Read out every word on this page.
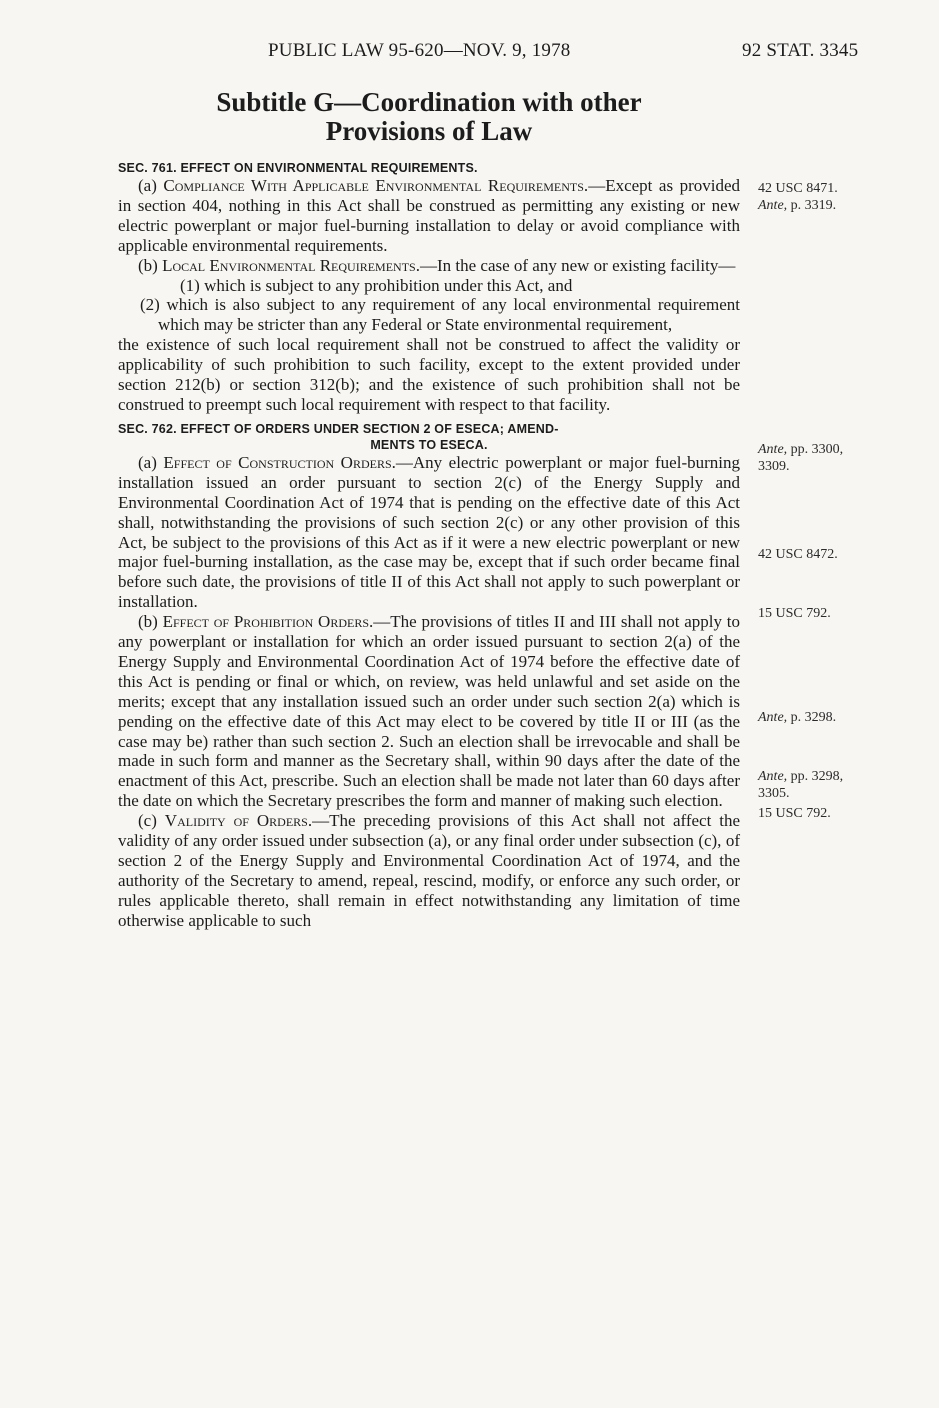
PUBLIC LAW 95-620—NOV. 9, 1978	92 STAT. 3345
Subtitle G—Coordination with other
Provisions of Law

SEC. 761. EFFECT ON ENVIRONMENTAL REQUIREMENTS.

(a) Compliance With Applicable Environmental Requirements.—Except as provided in section 404, nothing in this Act shall be construed as permitting any existing or new electric powerplant or major fuel-burning installation to delay or avoid compliance with applicable environmental requirements.

(b) Local Environmental Requirements.—In the case of any new or existing facility—

(1) which is subject to any prohibition under this Act, and

(2) which is also subject to any requirement of any local environmental requirement which may be stricter than any Federal or State environmental requirement,

the existence of such local requirement shall not be construed to affect the validity or applicability of such prohibition to such facility, except to the extent provided under section 212(b) or section 312(b); and the existence of such prohibition shall not be construed to preempt such local requirement with respect to that facility.

SEC. 762. EFFECT OF ORDERS UNDER SECTION 2 OF ESECA; AMEND-
MENTS TO ESECA.

(a) Effect of Construction Orders.—Any electric powerplant or major fuel-burning installation issued an order pursuant to section 2(c) of the Energy Supply and Environmental Coordination Act of 1974 that is pending on the effective date of this Act shall, notwithstanding the provisions of such section 2(c) or any other provision of this Act, be subject to the provisions of this Act as if it were a new electric powerplant or new major fuel-burning installation, as the case may be, except that if such order became final before such date, the provisions of title II of this Act shall not apply to such powerplant or installation.

(b) Effect of Prohibition Orders.—The provisions of titles II and III shall not apply to any powerplant or installation for which an order issued pursuant to section 2(a) of the Energy Supply and Environmental Coordination Act of 1974 before the effective date of this Act is pending or final or which, on review, was held unlawful and set aside on the merits; except that any installation issued such an order under such section 2(a) which is pending on the effective date of this Act may elect to be covered by title II or III (as the case may be) rather than such section 2. Such an election shall be irrevocable and shall be made in such form and manner as the Secretary shall, within 90 days after the date of the enactment of this Act, prescribe. Such an election shall be made not later than 60 days after the date on which the Secretary prescribes the form and manner of making such election.

(c) Validity of Orders.—The preceding provisions of this Act shall not affect the validity of any order issued under subsection (a), or any final order under subsection (c), of section 2 of the Energy Supply and Environmental Coordination Act of 1974, and the authority of the Secretary to amend, repeal, rescind, modify, or enforce any such order, or rules applicable thereto, shall remain in effect notwithstanding any limitation of time otherwise applicable to such

42 USC 8471.
Ante, p. 3319.
Ante, pp. 3300,
3309.
42 USC 8472.
15 USC 792.
Ante, p. 3298.
Ante, pp. 3298,
3305.
15 USC 792.
